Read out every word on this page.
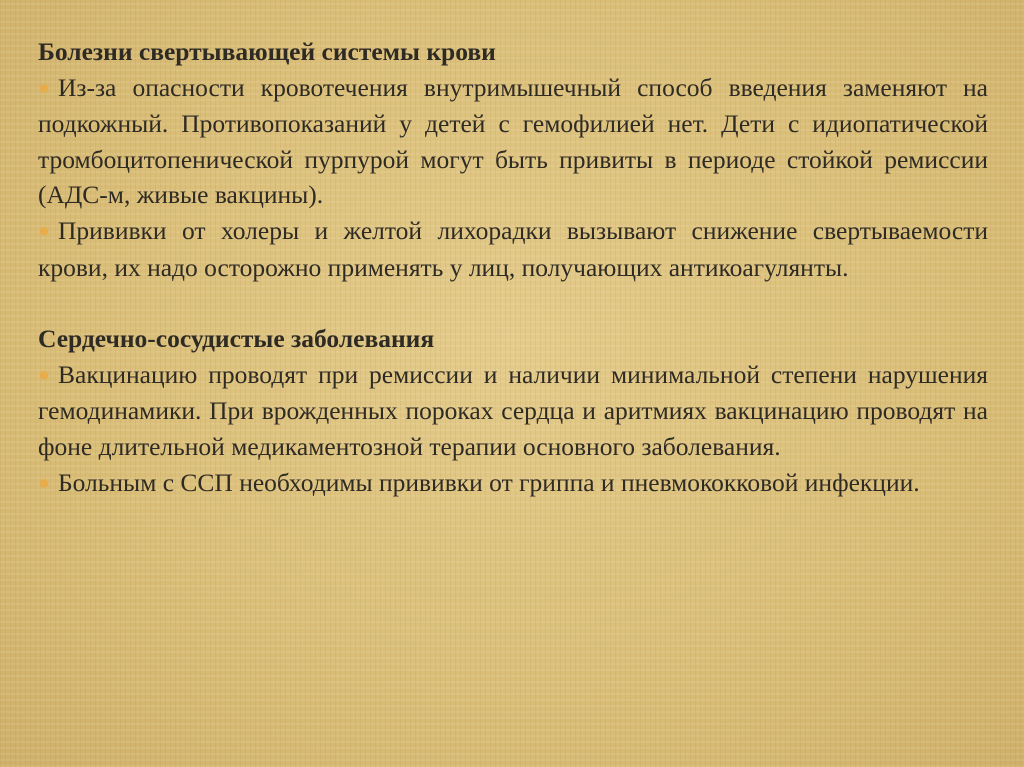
Болезни свертывающей системы крови

● Из-за опасности кровотечения внутримышечный способ введения заменяют на подкожный. Противопоказаний у детей с гемофилией нет. Дети с идиопатической тромбоцитопенической пурпурой могут быть привиты в периоде стойкой ремиссии (АДС-м, живые вакцины).

● Прививки от холеры и желтой лихорадки вызывают снижение свертываемости крови, их надо осторожно применять у лиц, получающих антикоагулянты.

Сердечно-сосудистые заболевания

● Вакцинацию проводят при ремиссии и наличии минимальной степени нарушения гемодинамики. При врожденных пороках сердца и аритмиях вакцинацию проводят на фоне длительной медикаментозной терапии основного заболевания.

● Больным с ССП необходимы прививки от гриппа и пневмококковой инфекции.
